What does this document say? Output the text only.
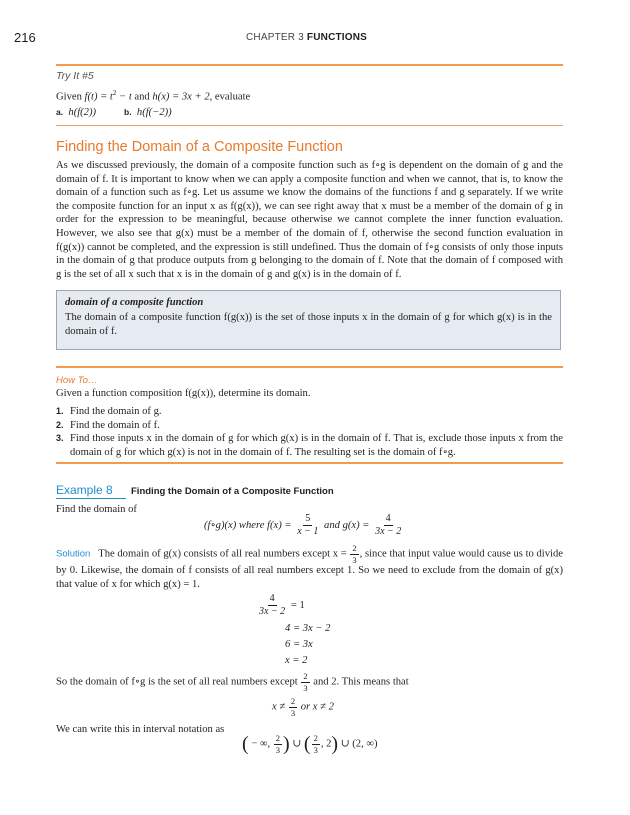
216	CHAPTER 3 FUNCTIONS
Try It #5

Given $f(t) = t^2 - t$ and h(x) = 3x + 2, evaluate

a. h(f(2))	b. h(f(−2))

Finding the Domain of a Composite Function

As we discussed previously, the domain of a composite function such as f∘g is dependent on the domain of g and the domain of f. It is important to know when we can apply a composite function and when we cannot, that is, to know the domain of a function such as f∘g. Let us assume we know the domains of the functions f and g separately. If we write the composite function for an input x as f(g(x)), we can see right away that x must be a member of the domain of g in order for the expression to be meaningful, because otherwise we cannot complete the inner function evaluation. However, we also see that g(x) must be a member of the domain of f, otherwise the second function evaluation in f(g(x)) cannot be completed, and the expression is still undefined. Thus the domain of f∘g consists of only those inputs in the domain of g that produce outputs from g belonging to the domain of f. Note that the domain of f composed with g is the set of all x such that x is in the domain of g and g(x) is in the domain of f.

domain of a composite function

The domain of a composite function f(g(x)) is the set of those inputs x in the domain of g for which g(x) is in the domain of f.

How To…

Given a function composition f(g(x)), determine its domain.

1. Find the domain of g.
2. Find the domain of f.
3. Find those inputs x in the domain of g for which g(x) is in the domain of f. That is, exclude those inputs x from the domain of g for which g(x) is not in the domain of f. The resulting set is the domain of f∘g.
Example 8 Finding the Domain of a Composite Function

Find the domain of

(f∘g)(x) where $f(x) = \frac{5}{x - 1}$ and $g(x) = \frac{4}{3x - 2}$
Solution The domain of g(x) consists of all real numbers except $x = \frac{2}{3}$ , since that input value would cause us to divide by 0. Likewise, the domain of f consists of all real numbers except 1. So we need to exclude from the domain of g(x) that value of x for which g(x) = 1.
$\frac{4}{3x - 2} = 1$
4 = 3x − 2
6 = 3x
x = 2
So the domain of f∘g is the set of all real numbers except $\frac{2}{3}$ and 2. This means that
$x \ne \frac{2}{3}$ or x ≠ 2

We can write this in interval notation as

( − ∞, $\frac{2}{3}$ ) ∪ ( $\frac{2}{3}$ , 2) ∪ (2, ∞)
